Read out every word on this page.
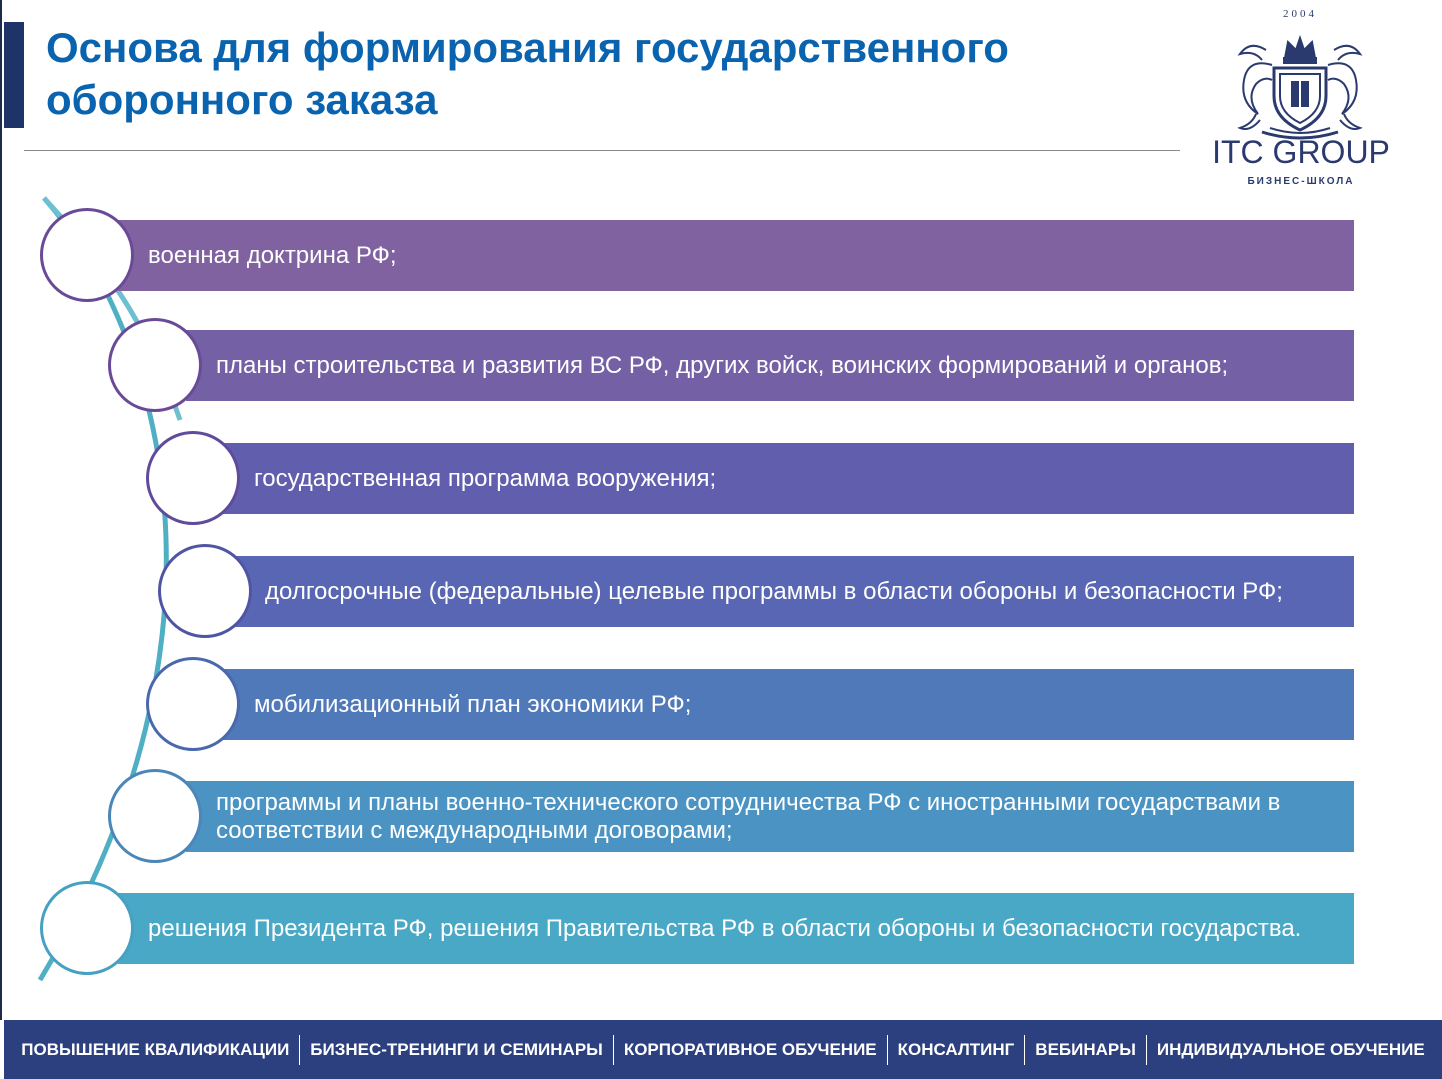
Основа для формирования государственного оборонного заказа
2004
ITC GROUP
БИЗНЕС-ШКОЛА
военная доктрина РФ;
планы строительства и развития ВС РФ, других войск, воинских формирований и органов;
государственная программа вооружения;
долгосрочные (федеральные) целевые программы в области обороны и безопасности РФ;
мобилизационный план экономики РФ;
программы и планы военно-технического сотрудничества РФ с иностранными государствами в соответствии с международными договорами;
решения Президента РФ, решения Правительства РФ в области обороны и безопасности государства.
ПОВЫШЕНИЕ КВАЛИФИКАЦИИ	БИЗНЕС-ТРЕНИНГИ И СЕМИНАРЫ	КОРПОРАТИВНОЕ ОБУЧЕНИЕ	КОНСАЛТИНГ	ВЕБИНАРЫ	ИНДИВИДУАЛЬНОЕ ОБУЧЕНИЕ
